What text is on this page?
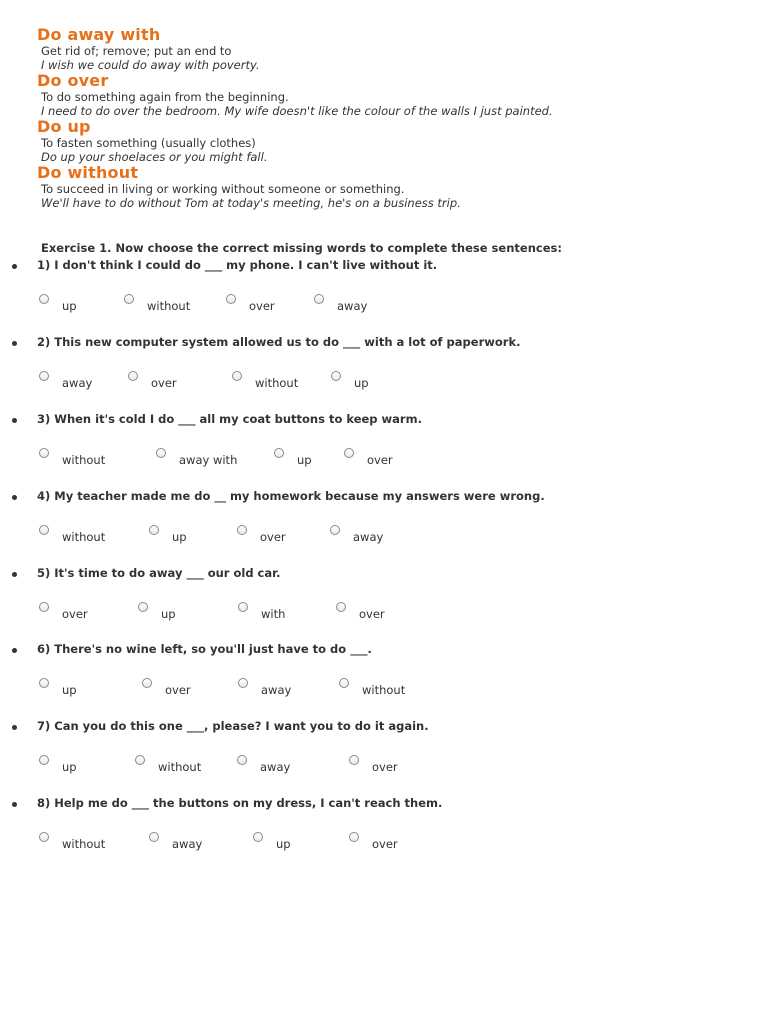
Do away with
Get rid of; remove; put an end to
I wish we could do away with poverty.
Do over
To do something again from the beginning.
I need to do over the bedroom. My wife doesn't like the colour of the walls I just painted.
Do up
To fasten something (usually clothes)
Do up your shoelaces or you might fall.
Do without
To succeed in living or working without someone or something.
We'll have to do without Tom at today's meeting, he's on a business trip.
Exercise 1. Now choose the correct missing words to complete these sentences:
1) I don't think I could do ___ my phone. I can't live without it.
up	without	over	away
2) This new computer system allowed us to do ___ with a lot of paperwork.
away	over	without	up
3) When it's cold I do ___ all my coat buttons to keep warm.
without	away with	up	over
4) My teacher made me do __ my homework because my answers were wrong.
without	up	over	away
5) It's time to do away ___ our old car.
over	up	with	over
6) There's no wine left, so you'll just have to do ___.
up	over	away	without
7) Can you do this one ___, please? I want you to do it again.
up	without	away	over
8) Help me do ___ the buttons on my dress, I can't reach them.
without	away	up	over
